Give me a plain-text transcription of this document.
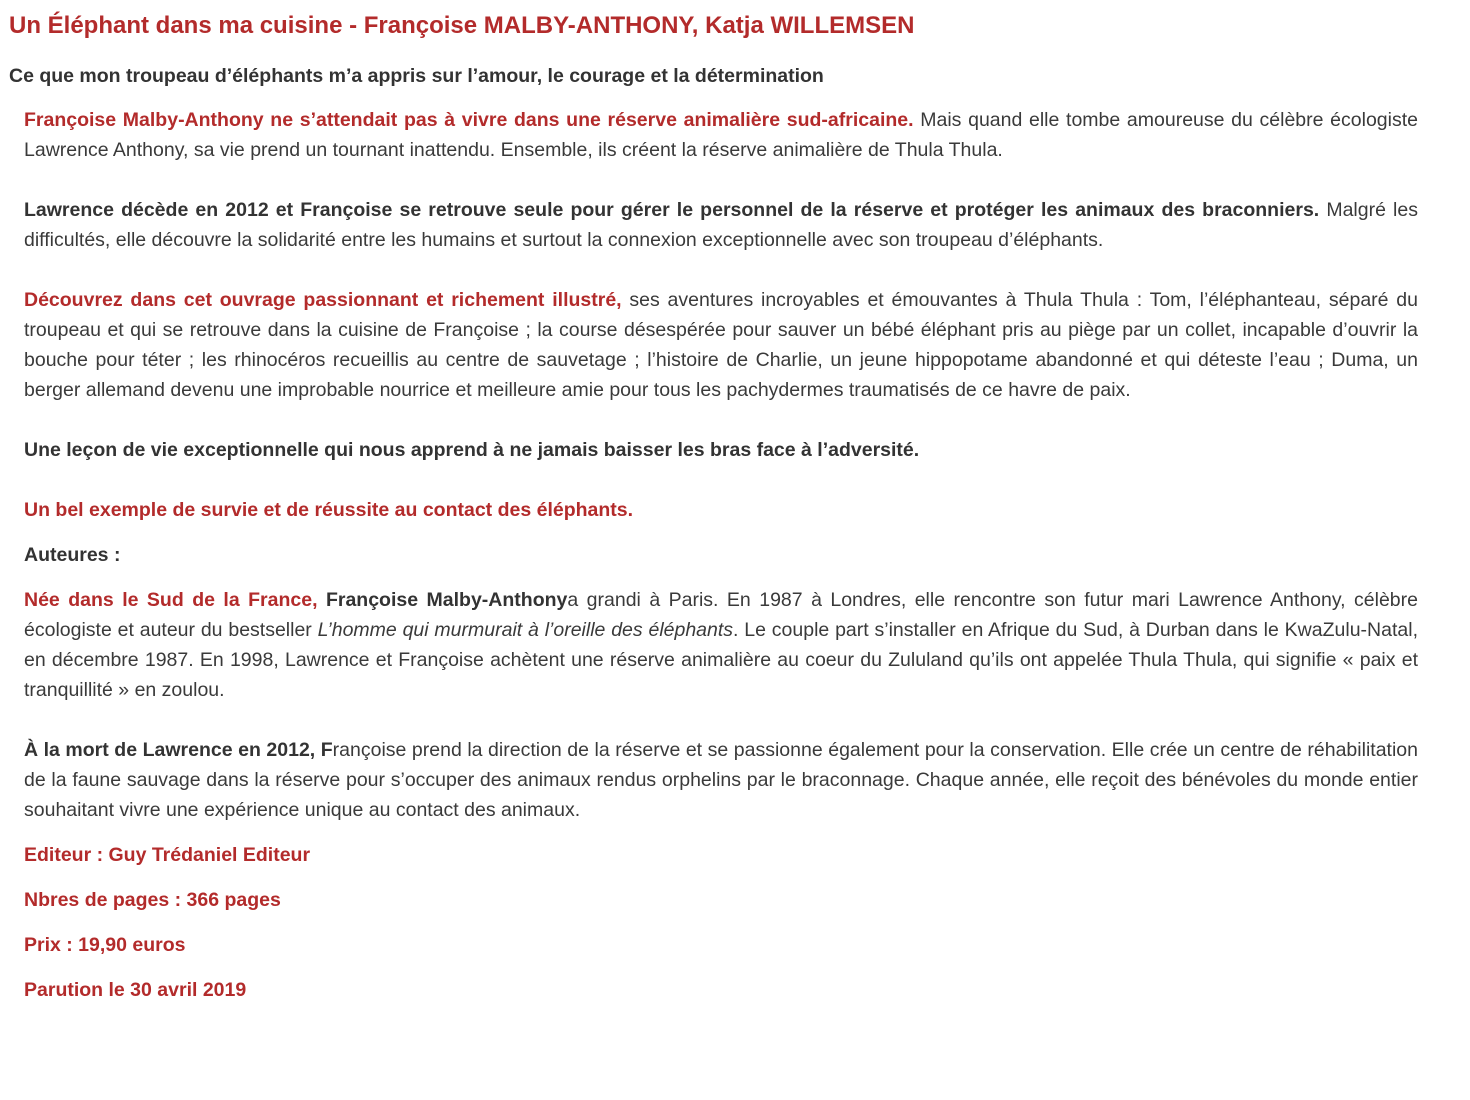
Un Éléphant dans ma cuisine - Françoise MALBY-ANTHONY, Katja WILLEMSEN
Ce que mon troupeau d’éléphants m’a appris sur l’amour, le courage et la détermination

Françoise Malby-Anthony ne s’attendait pas à vivre dans une réserve animalière sud-africaine. Mais quand elle tombe amoureuse du célèbre écologiste Lawrence Anthony, sa vie prend un tournant inattendu. Ensemble, ils créent la réserve animalière de Thula Thula.

Lawrence décède en 2012 et Françoise se retrouve seule pour gérer le personnel de la réserve et protéger les animaux des braconniers. Malgré les difficultés, elle découvre la solidarité entre les humains et surtout la connexion exceptionnelle avec son troupeau d’éléphants.

Découvrez dans cet ouvrage passionnant et richement illustré, ses aventures incroyables et émouvantes à Thula Thula : Tom, l’éléphanteau, séparé du troupeau et qui se retrouve dans la cuisine de Françoise ; la course désespérée pour sauver un bébé éléphant pris au piège par un collet, incapable d’ouvrir la bouche pour téter ; les rhinocéros recueillis au centre de sauvetage ; l’histoire de Charlie, un jeune hippopotame abandonné et qui déteste l’eau ; Duma, un berger allemand devenu une improbable nourrice et meilleure amie pour tous les pachydermes traumatisés de ce havre de paix.

Une leçon de vie exceptionnelle qui nous apprend à ne jamais baisser les bras face à l’adversité.

Un bel exemple de survie et de réussite au contact des éléphants.

Auteures :

Née dans le Sud de la France, Françoise Malby-Anthonya grandi à Paris. En 1987 à Londres, elle rencontre son futur mari Lawrence Anthony, célèbre écologiste et auteur du bestseller L’homme qui murmurait à l’oreille des éléphants. Le couple part s’installer en Afrique du Sud, à Durban dans le KwaZulu-Natal, en décembre 1987. En 1998, Lawrence et Françoise achètent une réserve animalière au coeur du Zululand qu’ils ont appelée Thula Thula, qui signifie « paix et tranquillité » en zoulou.

À la mort de Lawrence en 2012, Françoise prend la direction de la réserve et se passionne également pour la conservation. Elle crée un centre de réhabilitation de la faune sauvage dans la réserve pour s’occuper des animaux rendus orphelins par le braconnage. Chaque année, elle reçoit des bénévoles du monde entier souhaitant vivre une expérience unique au contact des animaux.

Editeur : Guy Trédaniel Editeur

Nbres de pages : 366 pages

Prix : 19,90 euros

Parution le 30 avril 2019
